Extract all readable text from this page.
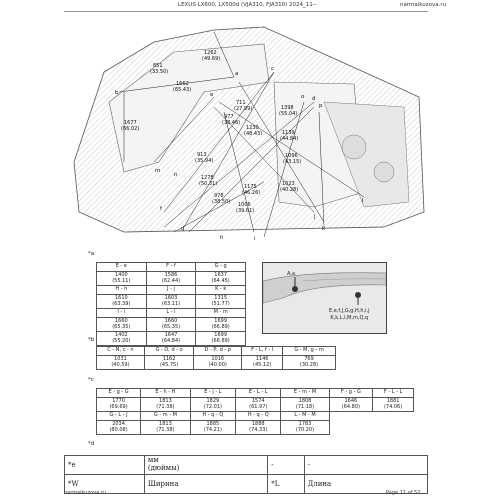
LEXUS LX600, LX500d (VJA310, FJA310) 2024_11--	narmaikuzova.ru
1262
(49.69)
851
(33.50)
1662
(65.43)
1677
(66.02)
711
(27.99)
977
(38.46)
1398
(55.04)
1230
(48.43)	1139
(44.84)
913
(35.94)
1096
(43.15)
1278
(50.31)	1175
(46.26)
1023
(40.28)
978
(38.50) 1006
(39.61)
a
b
c
d
e
f
g
h	i
j
k
l
m
n
o
p
*a
E - e	F - f	G - g
1400
(55.11)	1586
(62.44)	1637
(64.45)
H - h	J - j	K - k
1610
(63.39)	1603
(63.11)	1315
(51.77)
I - i	L - l	M - m
1660
(65.35)	1660
(65.35)	1699
(66.89)
1402
(55.20)	1647
(64.84)	1699
(66.89)
A,a
E,e,f,J,G,g,H,h,i,j
K,k,L,l,M,m,Q,q
*b
C - N, c - n	G - O, d - o	D - P, d - p	F - L, f - l	G - M, g - m
1031
(40.59)	1162
(45.75)	1016
(40.00)	1146
(45.12)	769
(30.28)
*c
E - g - G	E - h - H	E - j - L	E - L - L	E - m - M	F - g - G	F - L - L
1770
(69.69)	1813
(71.38)	1829
(72.01)	1574
(61.97)	1808
(71.18)	1646
(64.80)	1881
(74.06)
G - L - J	G - m - M	H - q - Q	H - q - Q	L - M - M		
2034
(80.08)	1813
(71.38)	1885
(74.21)	1888
(74.33)	1783
(70.20)		
*d
*e	мм
(дюймы)	-	-
*W	Ширина	*L	Длина
narmaikuzova.ru	Page 11 of 52
